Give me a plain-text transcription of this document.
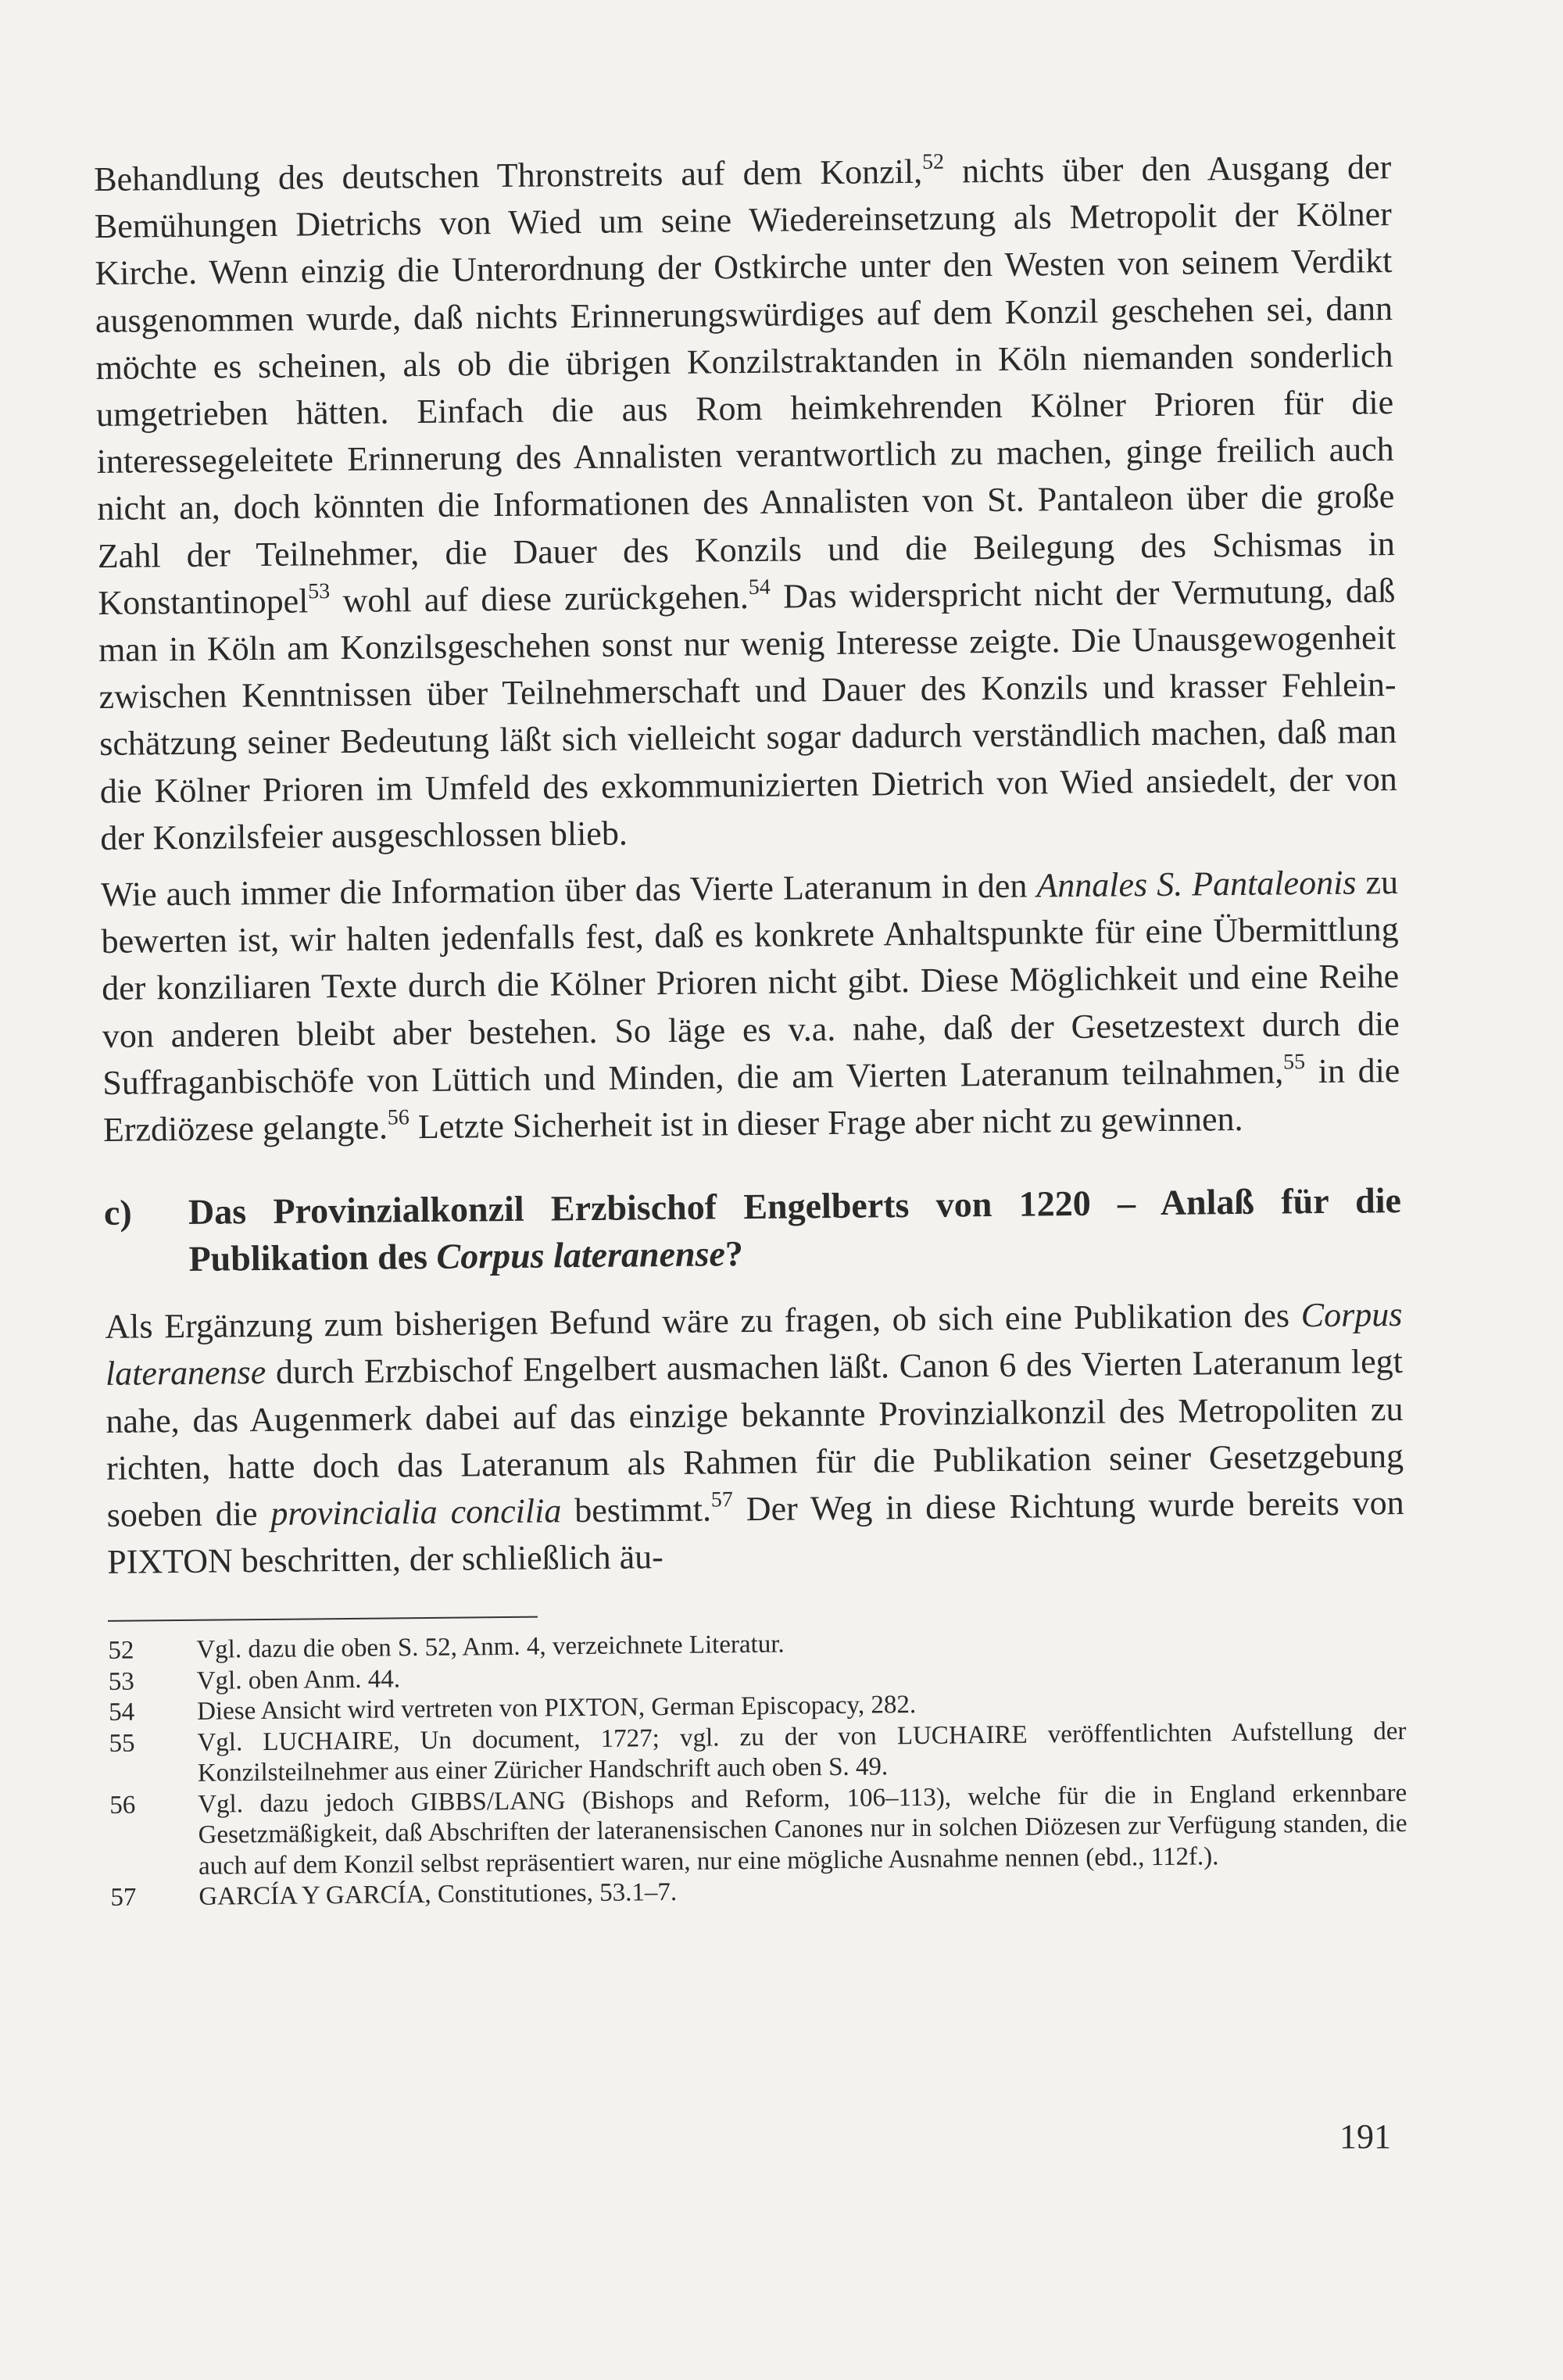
Behandlung des deutschen Thronstreits auf dem Konzil,$^{52}$ nichts über den Ausgang der Bemühungen Dietrichs von Wied um seine Wiedereinsetzung als Metropolit der Kölner Kirche. Wenn einzig die Unterordnung der Ostkirche unter den Westen von seinem Verdikt ausgenommen wurde, daß nichts Erinnerungswürdiges auf dem Konzil geschehen sei, dann möchte es scheinen, als ob die übrigen Konzilstraktanden in Köln niemanden sonderlich umgetrieben hätten. Einfach die aus Rom heimkehrenden Kölner Prioren für die interessegeleitete Erinnerung des Annalisten verantwortlich zu machen, ginge freilich auch nicht an, doch könnten die Informationen des Annalisten von St. Pantaleon über die große Zahl der Teilnehmer, die Dauer des Konzils und die Beilegung des Schismas in Konstantinopel$^{53}$ wohl auf diese zurückgehen.$^{54}$ Das widerspricht nicht der Vermutung, daß man in Köln am Konzilsgeschehen sonst nur wenig Interesse zeigte. Die Unausgewogenheit zwischen Kenntnissen über Teilnehmerschaft und Dauer des Konzils und krasser Fehleinschätzung seiner Bedeutung läßt sich vielleicht sogar dadurch verständlich machen, daß man die Kölner Prioren im Umfeld des exkommunizierten Dietrich von Wied ansiedelt, der von der Konzilsfeier ausgeschlossen blieb.

Wie auch immer die Information über das Vierte Lateranum in den Annales S. Pantaleonis zu bewerten ist, wir halten jedenfalls fest, daß es konkrete Anhaltspunkte für eine Übermittlung der konziliaren Texte durch die Kölner Prioren nicht gibt. Diese Möglichkeit und eine Reihe von anderen bleibt aber bestehen. So läge es v.a. nahe, daß der Gesetzestext durch die Suffraganbischöfe von Lüttich und Minden, die am Vierten Lateranum teilnahmen,$^{55}$ in die Erzdiözese gelangte.$^{56}$ Letzte Sicherheit ist in dieser Frage aber nicht zu gewinnen.

c)	Das Provinzialkonzil Erzbischof Engelberts von 1220 – Anlaß für die Publikation des Corpus lateranense?

Als Ergänzung zum bisherigen Befund wäre zu fragen, ob sich eine Publikation des Corpus lateranense durch Erzbischof Engelbert ausmachen läßt. Canon 6 des Vierten Lateranum legt nahe, das Augenmerk dabei auf das einzige bekannte Provinzialkonzil des Metropoliten zu richten, hatte doch das Lateranum als Rahmen für die Publikation seiner Gesetzgebung soeben die provincialia concilia bestimmt.$^{57}$ Der Weg in diese Richtung wurde bereits von PIXTON beschritten, der schließlich äu-

52	Vgl. dazu die oben S. 52, Anm. 4, verzeichnete Literatur.
53	Vgl. oben Anm. 44.
54	Diese Ansicht wird vertreten von PIXTON, German Episcopacy, 282.
55	Vgl. LUCHAIRE, Un document, 1727; vgl. zu der von LUCHAIRE veröffentlichten Aufstellung der Konzilsteilnehmer aus einer Züricher Handschrift auch oben S. 49.
56	Vgl. dazu jedoch GIBBS/LANG (Bishops and Reform, 106–113), welche für die in England erkennbare Gesetzmäßigkeit, daß Abschriften der lateranensischen Canones nur in solchen Diözesen zur Verfügung standen, die auch auf dem Konzil selbst repräsentiert waren, nur eine mögliche Ausnahme nennen (ebd., 112f.).
57	GARCÍA Y GARCÍA, Constitutiones, 53.1–7.
191
